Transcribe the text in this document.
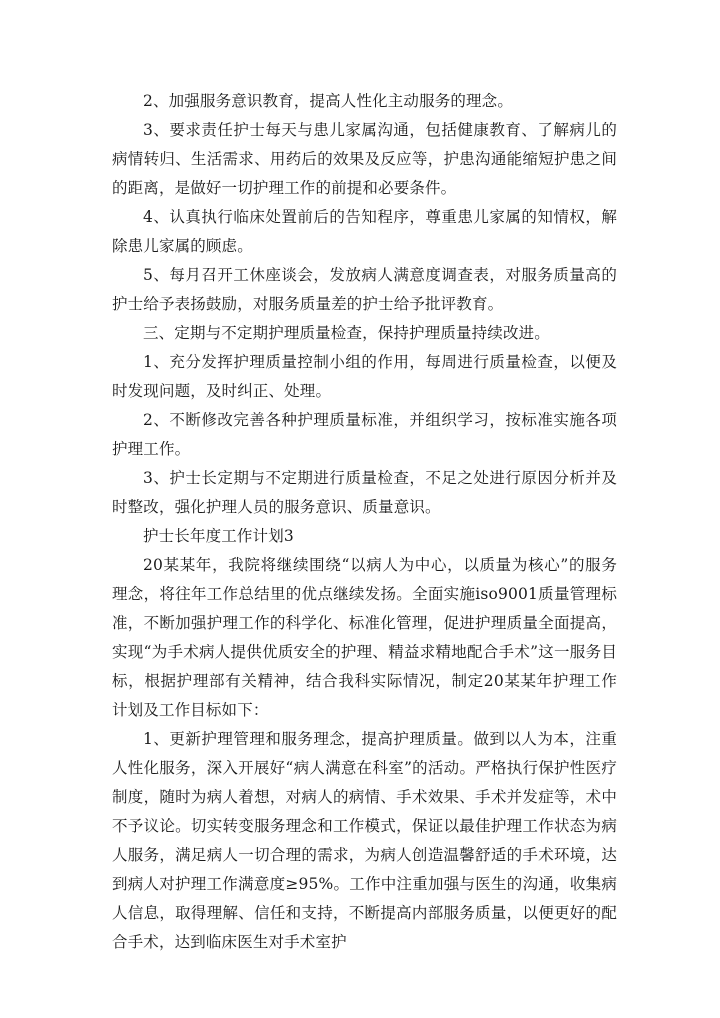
2、加强服务意识教育，提高人性化主动服务的理念。

3、要求责任护士每天与患儿家属沟通，包括健康教育、了解病儿的病情转归、生活需求、用药后的效果及反应等，护患沟通能缩短护患之间的距离，是做好一切护理工作的前提和必要条件。

4、认真执行临床处置前后的告知程序，尊重患儿家属的知情权，解除患儿家属的顾虑。

5、每月召开工休座谈会，发放病人满意度调查表，对服务质量高的护士给予表扬鼓励，对服务质量差的护士给予批评教育。

三、定期与不定期护理质量检查，保持护理质量持续改进。

1、充分发挥护理质量控制小组的作用，每周进行质量检查，以便及时发现问题，及时纠正、处理。

2、不断修改完善各种护理质量标准，并组织学习，按标准实施各项护理工作。

3、护士长定期与不定期进行质量检查，不足之处进行原因分析并及时整改，强化护理人员的服务意识、质量意识。

护士长年度工作计划3

20某某年，我院将继续围绕“以病人为中心，以质量为核心”的服务理念，将往年工作总结里的优点继续发扬。全面实施iso9001质量管理标准，不断加强护理工作的科学化、标准化管理，促进护理质量全面提高，实现“为手术病人提供优质安全的护理、精益求精地配合手术”这一服务目标，根据护理部有关精神，结合我科实际情况，制定20某某年护理工作计划及工作目标如下：

1、更新护理管理和服务理念，提高护理质量。做到以人为本，注重人性化服务，深入开展好“病人满意在科室”的活动。严格执行保护性医疗制度，随时为病人着想，对病人的病情、手术效果、手术并发症等，术中不予议论。切实转变服务理念和工作模式，保证以最佳护理工作状态为病人服务，满足病人一切合理的需求，为病人创造温馨舒适的手术环境，达到病人对护理工作满意度≥95%。工作中注重加强与医生的沟通，收集病人信息，取得理解、信任和支持，不断提高内部服务质量，以便更好的配合手术，达到临床医生对手术室护
